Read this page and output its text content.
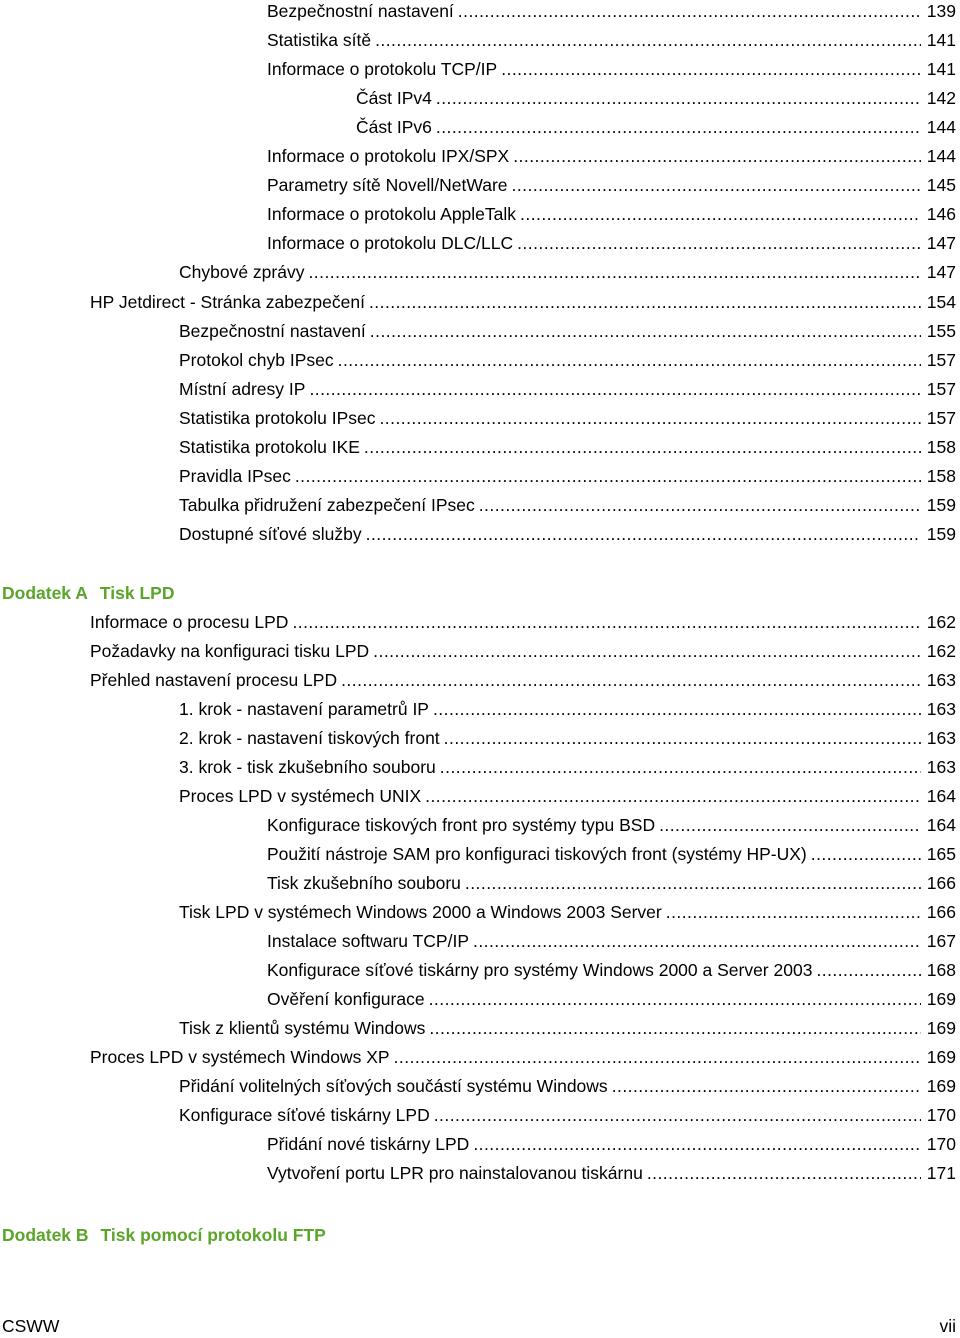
Bezpečnostní nastavení . . .	139
Statistika sítě . . .	141
Informace o protokolu TCP/IP . . .	141
Část IPv4 . . .	142
Část IPv6 . . .	144
Informace o protokolu IPX/SPX . . .	144
Parametry sítě Novell/NetWare . . .	145
Informace o protokolu AppleTalk . . .	146
Informace o protokolu DLC/LLC . . .	147
Chybové zprávy . . .	147
HP Jetdirect - Stránka zabezpečení . . .	154
Bezpečnostní nastavení . . .	155
Protokol chyb IPsec . . .	157
Místní adresy IP . . .	157
Statistika protokolu IPsec . . .	157
Statistika protokolu IKE . . .	158
Pravidla IPsec . . .	158
Tabulka přidružení zabezpečení IPsec . . .	159
Dostupné síťové služby . . .	159
Dodatek A Tisk LPD
Informace o procesu LPD . . .	162
Požadavky na konfiguraci tisku LPD . . .	162
Přehled nastavení procesu LPD . . .	163
1. krok - nastavení parametrů IP . . .	163
2. krok - nastavení tiskových front . . .	163
3. krok - tisk zkušebního souboru . . .	163
Proces LPD v systémech UNIX . . .	164
Konfigurace tiskových front pro systémy typu BSD . . .	164
Použití nástroje SAM pro konfiguraci tiskových front (systémy HP-UX) . . .	165
Tisk zkušebního souboru . . .	166
Tisk LPD v systémech Windows 2000 a Windows 2003 Server . . .	166
Instalace softwaru TCP/IP . . .	167
Konfigurace síťové tiskárny pro systémy Windows 2000 a Server 2003 . . .	168
Ověření konfigurace . . .	169
Tisk z klientů systému Windows . . .	169
Proces LPD v systémech Windows XP . . .	169
Přidání volitelných síťových součástí systému Windows . . .	169
Konfigurace síťové tiskárny LPD . . .	170
Přidání nové tiskárny LPD . . .	170
Vytvoření portu LPR pro nainstalovanou tiskárnu . . .	171
Dodatek B Tisk pomocí protokolu FTP
CSWW	vii
